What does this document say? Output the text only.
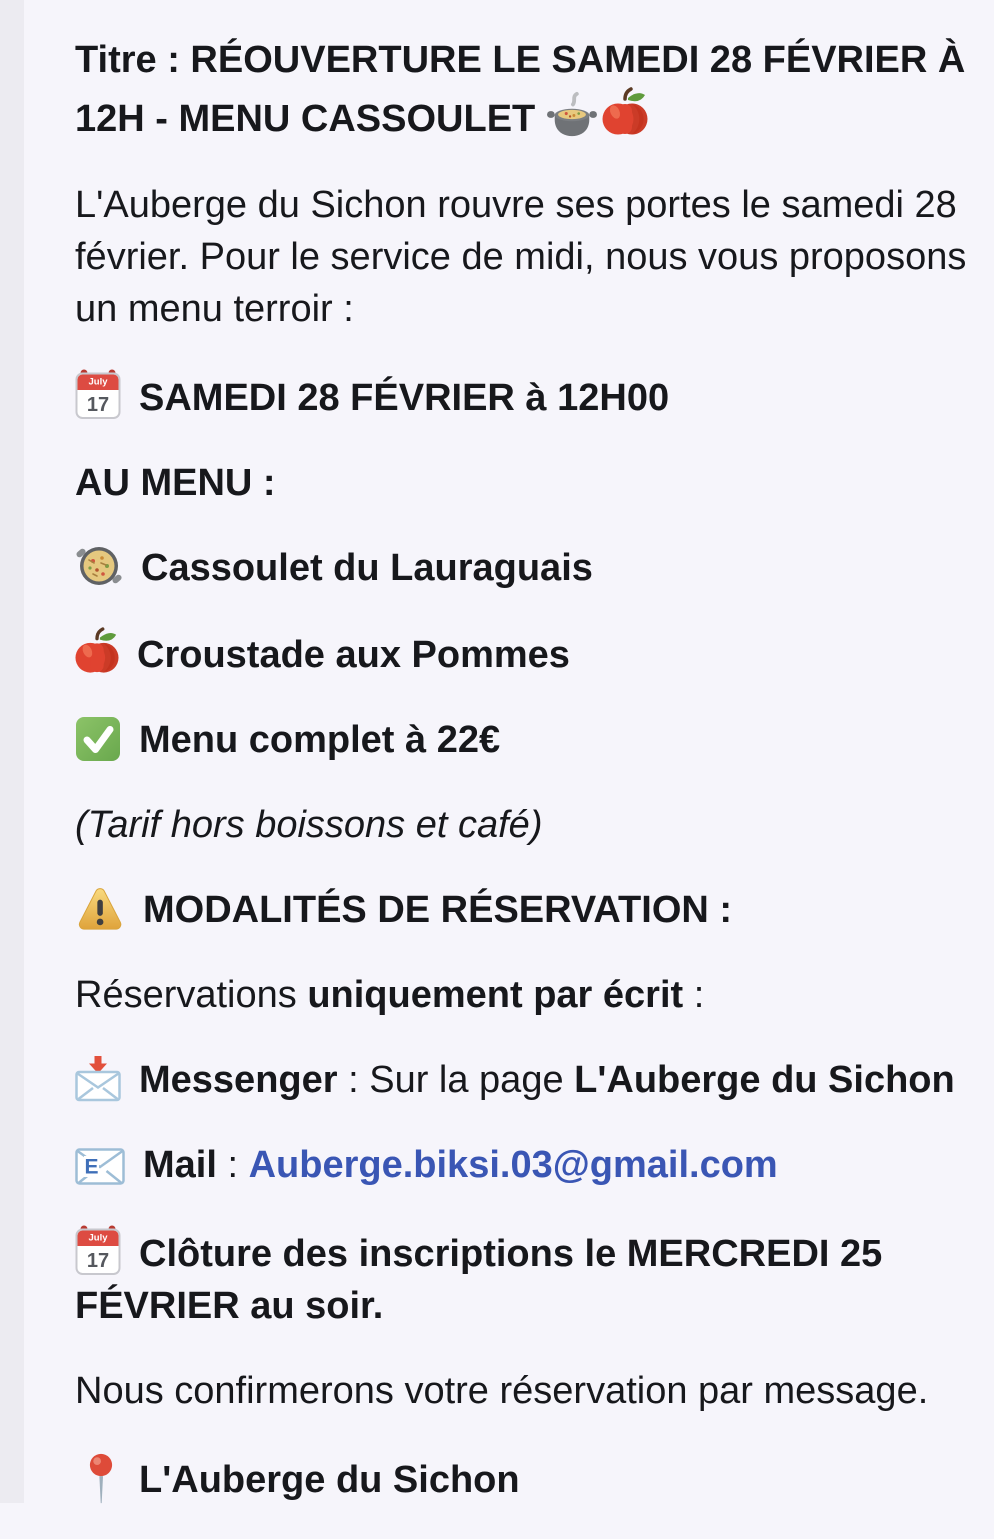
Titre : RÉOUVERTURE LE SAMEDI 28 FÉVRIER À 12H - MENU CASSOULET

L'Auberge du Sichon rouvre ses portes le samedi 28 février. Pour le service de midi, nous vous proposons un menu terroir :

July
17 SAMEDI 28 FÉVRIER à 12H00

AU MENU :

Cassoulet du Lauraguais

Croustade aux Pommes

Menu complet à 22€

(Tarif hors boissons et café)

MODALITÉS DE RÉSERVATION :

Réservations uniquement par écrit :

Messenger : Sur la page L'Auberge du Sichon

E Mail : Auberge.biksi.03@gmail.com

July
17 Clôture des inscriptions le MERCREDI 25 FÉVRIER au soir.

Nous confirmerons votre réservation par message.

L'Auberge du Sichon
